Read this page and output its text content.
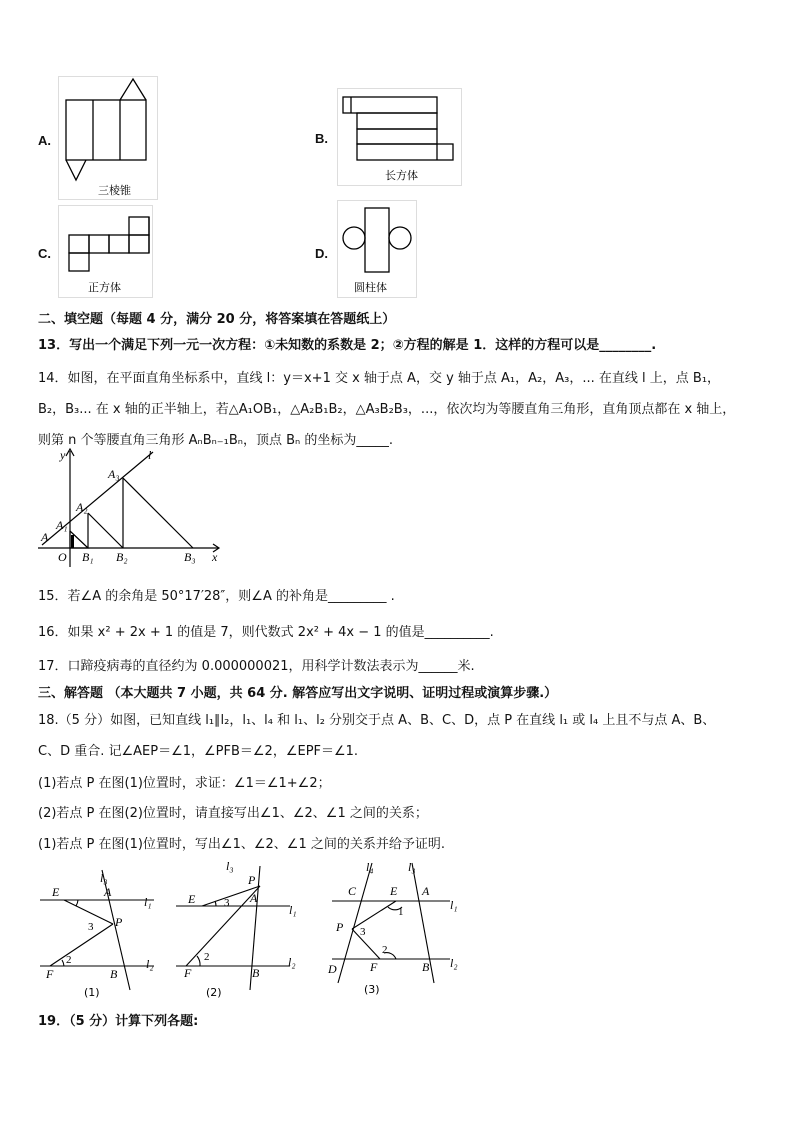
A.
三棱锥
B.
长方体
C.
正方体
D.
圆柱体
二、填空题（每题 4 分，满分 20 分，将答案填在答题纸上）
13．写出一个满足下列一元一次方程：①未知数的系数是 2；②方程的解是 1．这样的方程可以是________.
14．如图，在平面直角坐标系中，直线 l：y＝x+1 交 x 轴于点 A，交 y 轴于点 A₁，A₂，A₃，... 在直线 l 上，点 B₁，
B₂，B₃... 在 x 轴的正半轴上，若△A₁OB₁，△A₂B₁B₂，△A₃B₂B₃，...，依次均为等腰直角三角形，直角顶点都在 x 轴上，
则第 n 个等腰直角三角形 AₙBₙ₋₁Bₙ，顶点 Bₙ 的坐标为_____.
y	l
x
O
A
A₁
A₂
A₃
B₁ B₂	B₃
15．若∠A 的余角是 50°17′28″，则∠A 的补角是_________ .
16．如果 x² + 2x + 1 的值是 7，则代数式 2x² + 4x − 1 的值是__________.
17．口蹄疫病毒的直径约为 0.000000021，用科学计数法表示为______米.
三、解答题 （本大题共 7 小题，共 64 分. 解答应写出文字说明、证明过程或演算步骤.）
18.（5 分）如图，已知直线 l₁∥l₂，l₁、l₄ 和 l₁、l₂ 分别交于点 A、B、C、D，点 P 在直线 l₁ 或 l₄ 上且不与点 A、B、
C、D 重合. 记∠AEP＝∠1，∠PFB＝∠2，∠EPF＝∠1.
(1)若点 P 在图(1)位置时，求证：∠1＝∠1+∠2；
(2)若点 P 在图(2)位置时，请直接写出∠1、∠2、∠1 之间的关系；
(1)若点 P 在图(1)位置时，写出∠1、∠2、∠1 之间的关系并给予证明.
E	A
l₃
l₁
P
F	B
l₂
3
2
(1)
E	A
P
l₃
l₁
F	B
l₂
3
2
(2)
C
l₄
E A
l₃
l₁
P
D	F	B l₂
1
3
2
(3)
19．（5 分）计算下列各题:
